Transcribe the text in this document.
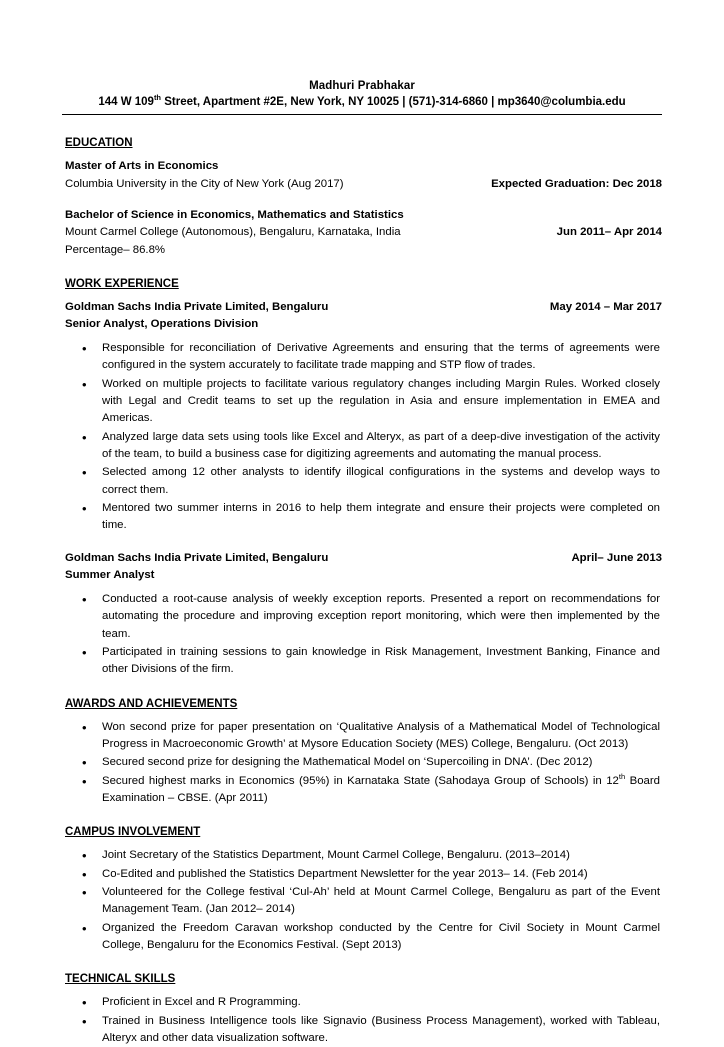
Madhuri Prabhakar
144 W 109th Street, Apartment #2E, New York, NY 10025 | (571)-314-6860 | mp3640@columbia.edu
EDUCATION
Master of Arts in Economics
Columbia University in the City of New York (Aug 2017)	Expected Graduation: Dec 2018
Bachelor of Science in Economics, Mathematics and Statistics
Mount Carmel College (Autonomous), Bengaluru, Karnataka, India	Jun 2011– Apr 2014
Percentage– 86.8%
WORK EXPERIENCE
Goldman Sachs India Private Limited, Bengaluru	May 2014 – Mar 2017
Senior Analyst, Operations Division
• Responsible for reconciliation of Derivative Agreements and ensuring that the terms of agreements were configured in the system accurately to facilitate trade mapping and STP flow of trades.
• Worked on multiple projects to facilitate various regulatory changes including Margin Rules. Worked closely with Legal and Credit teams to set up the regulation in Asia and ensure implementation in EMEA and Americas.
• Analyzed large data sets using tools like Excel and Alteryx, as part of a deep-dive investigation of the activity of the team, to build a business case for digitizing agreements and automating the manual process.
• Selected among 12 other analysts to identify illogical configurations in the systems and develop ways to correct them.
• Mentored two summer interns in 2016 to help them integrate and ensure their projects were completed on time.
Goldman Sachs India Private Limited, Bengaluru	April– June 2013
Summer Analyst
• Conducted a root-cause analysis of weekly exception reports. Presented a report on recommendations for automating the procedure and improving exception report monitoring, which were then implemented by the team.
• Participated in training sessions to gain knowledge in Risk Management, Investment Banking, Finance and other Divisions of the firm.
AWARDS AND ACHIEVEMENTS
• Won second prize for paper presentation on ‘Qualitative Analysis of a Mathematical Model of Technological Progress in Macroeconomic Growth’ at Mysore Education Society (MES) College, Bengaluru. (Oct 2013)
• Secured second prize for designing the Mathematical Model on ‘Supercoiling in DNA’. (Dec 2012)
• Secured highest marks in Economics (95%) in Karnataka State (Sahodaya Group of Schools) in 12th Board Examination – CBSE. (Apr 2011)
CAMPUS INVOLVEMENT
• Joint Secretary of the Statistics Department, Mount Carmel College, Bengaluru. (2013–2014)
• Co-Edited and published the Statistics Department Newsletter for the year 2013– 14. (Feb 2014)
• Volunteered for the College festival ‘Cul-Ah’ held at Mount Carmel College, Bengaluru as part of the Event Management Team. (Jan 2012– 2014)
• Organized the Freedom Caravan workshop conducted by the Centre for Civil Society in Mount Carmel College, Bengaluru for the Economics Festival. (Sept 2013)
TECHNICAL SKILLS
• Proficient in Excel and R Programming.
• Trained in Business Intelligence tools like Signavio (Business Process Management), worked with Tableau, Alteryx and other data visualization software.
